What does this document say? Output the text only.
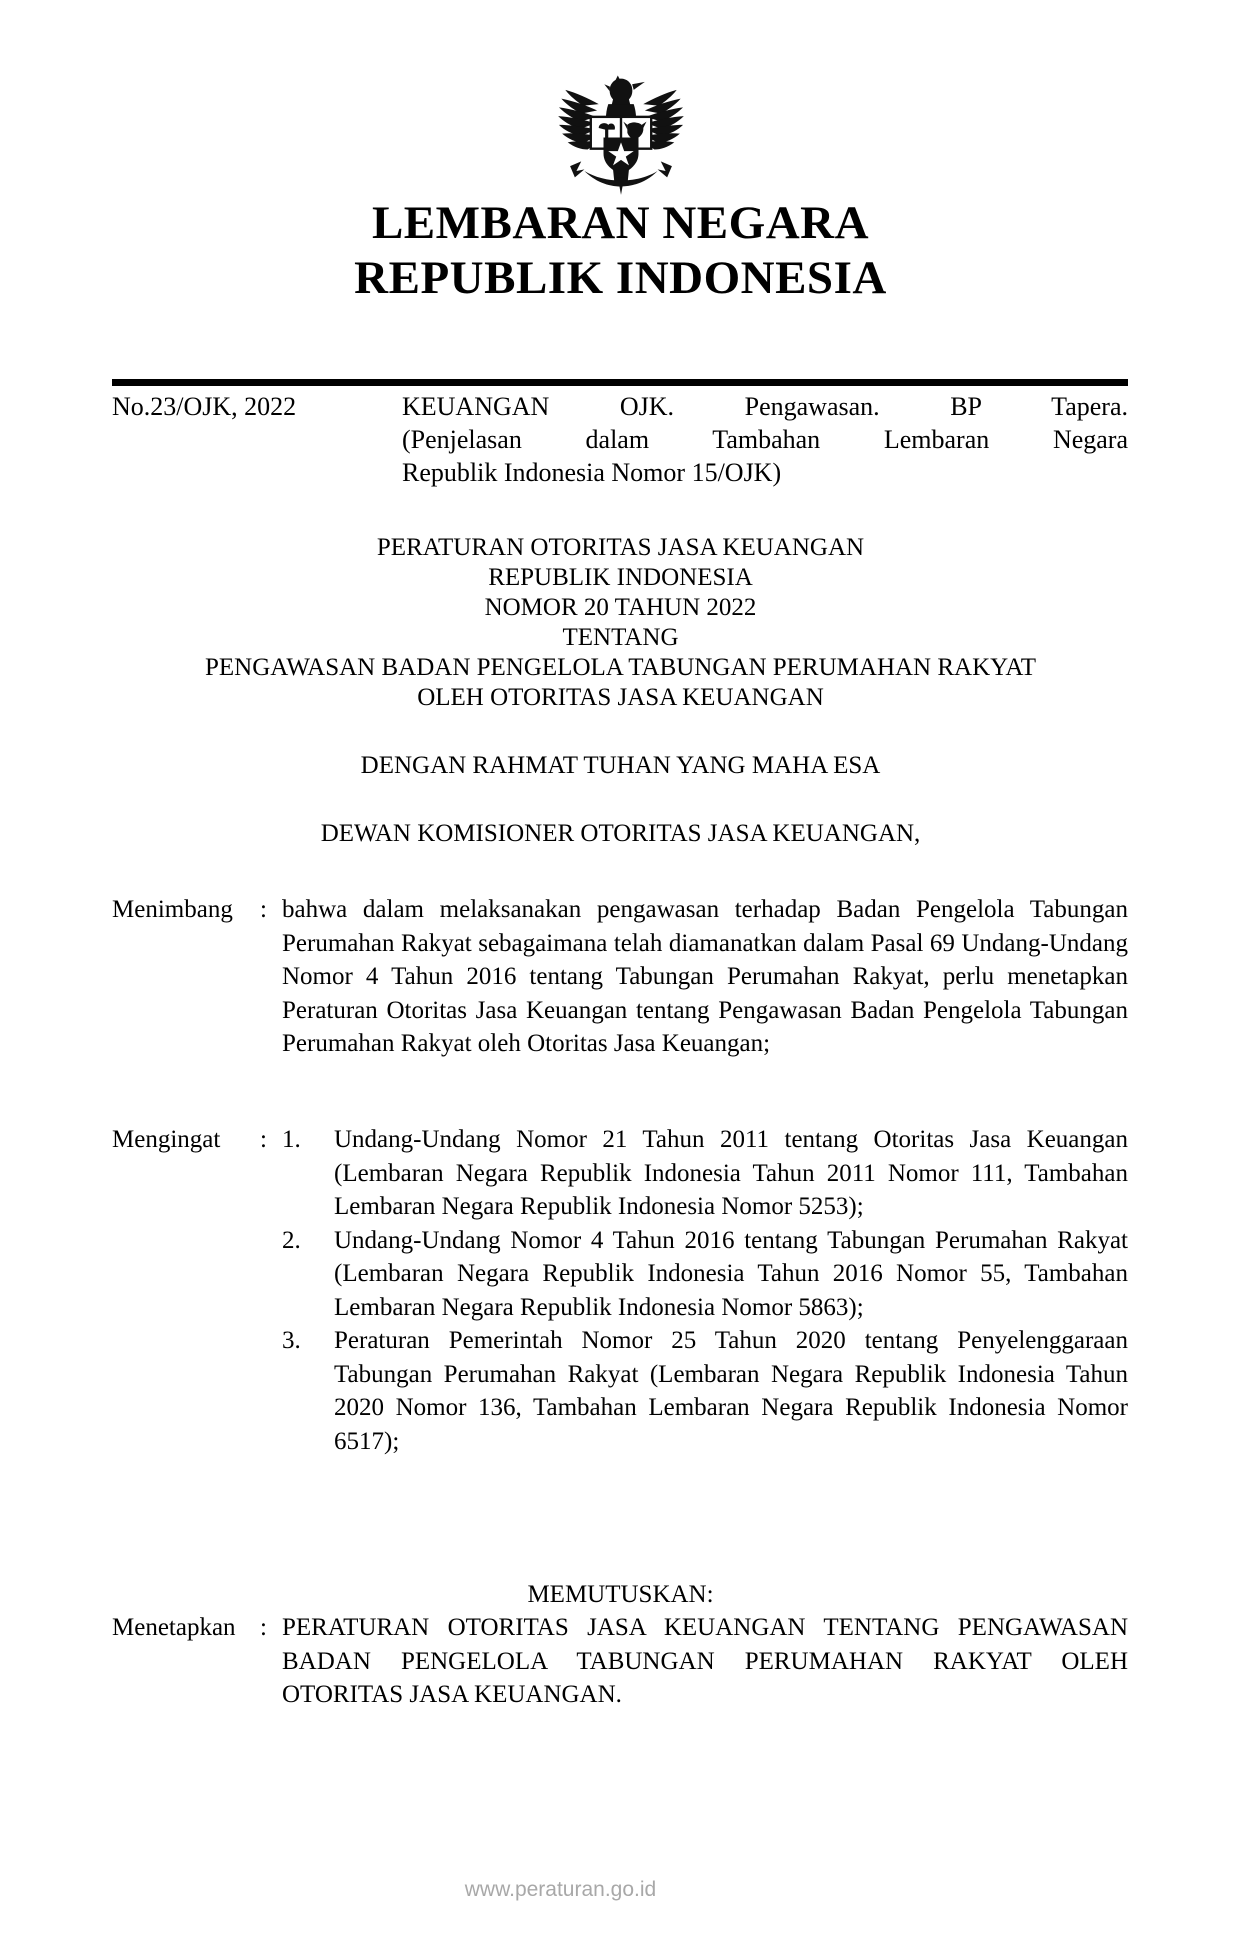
LEMBARAN NEGARA
REPUBLIK INDONESIA
No.23/OJK, 2022	KEUANGAN OJK. Pengawasan. BP Tapera.
(Penjelasan dalam Tambahan Lembaran Negara
Republik Indonesia Nomor 15/OJK)
PERATURAN OTORITAS JASA KEUANGAN
REPUBLIK INDONESIA
NOMOR 20 TAHUN 2022
TENTANG
PENGAWASAN BADAN PENGELOLA TABUNGAN PERUMAHAN RAKYAT
OLEH OTORITAS JASA KEUANGAN
DENGAN RAHMAT TUHAN YANG MAHA ESA
DEWAN KOMISIONER OTORITAS JASA KEUANGAN,
Menimbang	: bahwa dalam melaksanakan pengawasan terhadap Badan Pengelola Tabungan Perumahan Rakyat sebagaimana telah diamanatkan dalam Pasal 69 Undang-Undang Nomor 4 Tahun 2016 tentang Tabungan Perumahan Rakyat, perlu menetapkan Peraturan Otoritas Jasa Keuangan tentang Pengawasan Badan Pengelola Tabungan Perumahan Rakyat oleh Otoritas Jasa Keuangan;
Mengingat	: 1.	Undang-Undang Nomor 21 Tahun 2011 tentang Otoritas Jasa Keuangan (Lembaran Negara Republik Indonesia Tahun 2011 Nomor 111, Tambahan Lembaran Negara Republik Indonesia Nomor 5253);
2.	Undang-Undang Nomor 4 Tahun 2016 tentang Tabungan Perumahan Rakyat (Lembaran Negara Republik Indonesia Tahun 2016 Nomor 55, Tambahan Lembaran Negara Republik Indonesia Nomor 5863);
3.	Peraturan Pemerintah Nomor 25 Tahun 2020 tentang Penyelenggaraan Tabungan Perumahan Rakyat (Lembaran Negara Republik Indonesia Tahun 2020 Nomor 136, Tambahan Lembaran Negara Republik Indonesia Nomor 6517);
MEMUTUSKAN:
Menetapkan : PERATURAN OTORITAS JASA KEUANGAN TENTANG PENGAWASAN BADAN PENGELOLA TABUNGAN PERUMAHAN RAKYAT OLEH OTORITAS JASA KEUANGAN.
www.peraturan.go.id
